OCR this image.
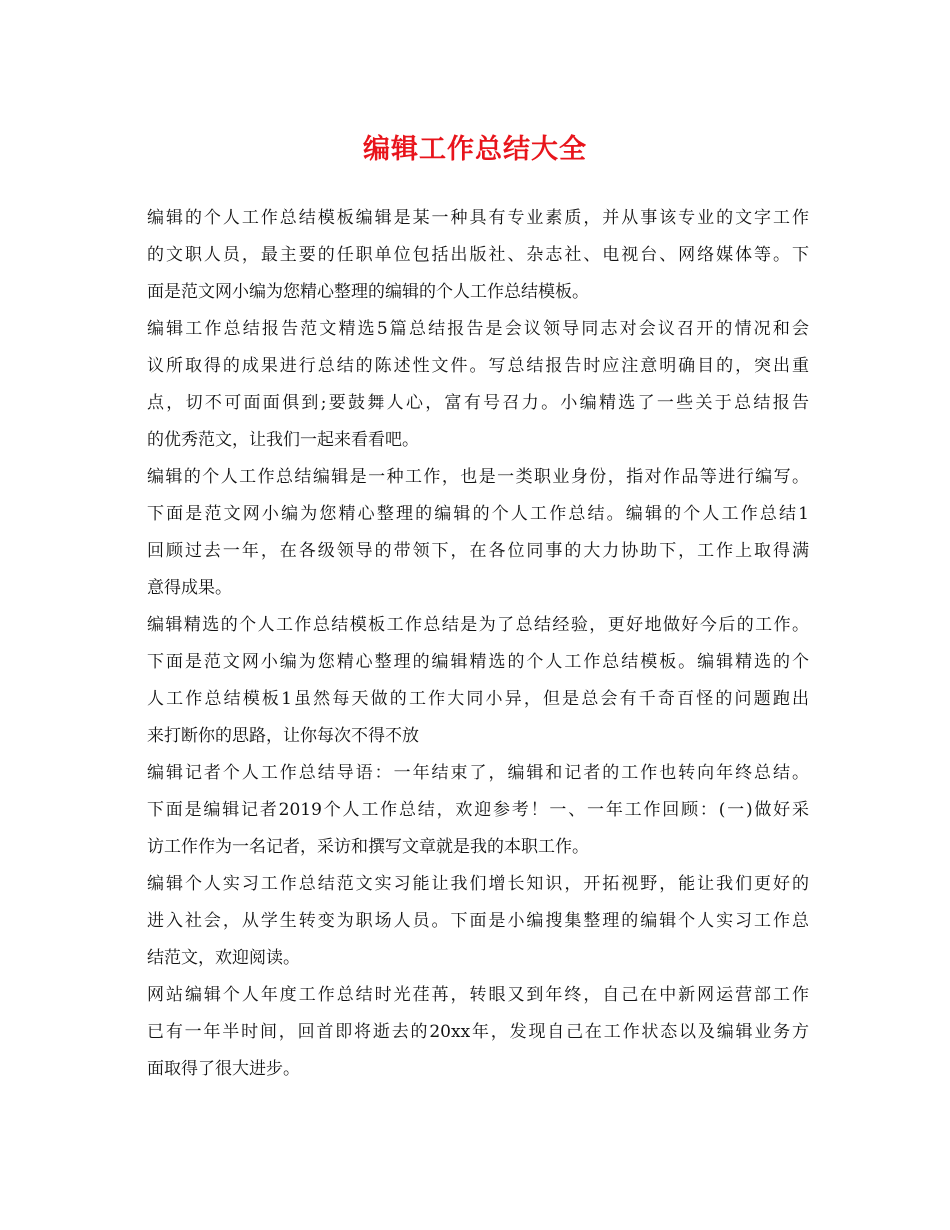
编辑工作总结大全
编辑的个人工作总结模板编辑是某一种具有专业素质，并从事该专业的文字工作
的文职人员，最主要的任职单位包括出版社、杂志社、电视台、网络媒体等。下
面是范文网小编为您精心整理的编辑的个人工作总结模板。
编辑工作总结报告范文精选5篇总结报告是会议领导同志对会议召开的情况和会
议所取得的成果进行总结的陈述性文件。写总结报告时应注意明确目的，突出重
点，切不可面面俱到;要鼓舞人心，富有号召力。小编精选了一些关于总结报告
的优秀范文，让我们一起来看看吧。
编辑的个人工作总结编辑是一种工作，也是一类职业身份，指对作品等进行编写。
下面是范文网小编为您精心整理的编辑的个人工作总结。编辑的个人工作总结1
回顾过去一年，在各级领导的带领下，在各位同事的大力协助下，工作上取得满
意得成果。
编辑精选的个人工作总结模板工作总结是为了总结经验，更好地做好今后的工作。
下面是范文网小编为您精心整理的编辑精选的个人工作总结模板。编辑精选的个
人工作总结模板1虽然每天做的工作大同小异，但是总会有千奇百怪的问题跑出
来打断你的思路，让你每次不得不放
编辑记者个人工作总结导语：一年结束了，编辑和记者的工作也转向年终总结。
下面是编辑记者2019个人工作总结，欢迎参考！一、一年工作回顾：(一)做好采
访工作作为一名记者，采访和撰写文章就是我的本职工作。
编辑个人实习工作总结范文实习能让我们增长知识，开拓视野，能让我们更好的
进入社会，从学生转变为职场人员。下面是小编搜集整理的编辑个人实习工作总
结范文，欢迎阅读。
网站编辑个人年度工作总结时光荏苒，转眼又到年终，自己在中新网运营部工作
已有一年半时间，回首即将逝去的20xx年，发现自己在工作状态以及编辑业务方
面取得了很大进步。
